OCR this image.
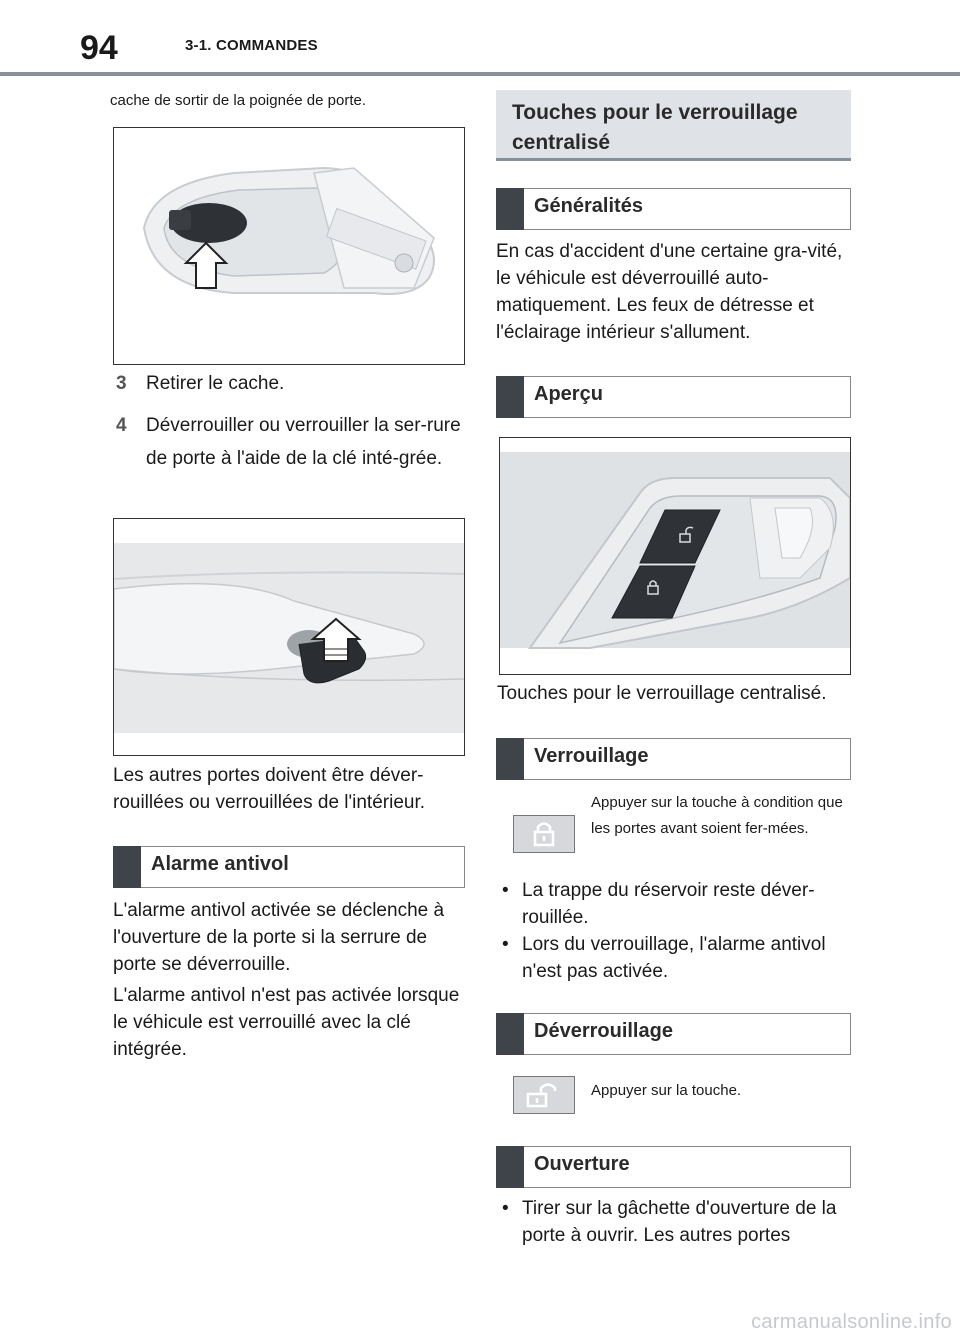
94	3-1. COMMANDES
cache de sortir de la poignée de porte.
3 Retirer le cache.
4 Déverrouiller ou verrouiller la ser-rure de porte à l'aide de la clé inté-grée.
Les autres portes doivent être déver-rouillées ou verrouillées de l'intérieur.
Alarme antivol
L'alarme antivol activée se déclenche à l'ouverture de la porte si la serrure de porte se déverrouille.
L'alarme antivol n'est pas activée lorsque le véhicule est verrouillé avec la clé intégrée.
Touches pour le verrouillage centralisé
Généralités
En cas d'accident d'une certaine gra-vité, le véhicule est déverrouillé auto-matiquement. Les feux de détresse et l'éclairage intérieur s'allument.
Aperçu
Touches pour le verrouillage centralisé.
Verrouillage
Appuyer sur la touche à condition que les portes avant soient fer-mées.
• La trappe du réservoir reste déver-rouillée.
• Lors du verrouillage, l'alarme antivol n'est pas activée.
Déverrouillage
Appuyer sur la touche.
Ouverture
• Tirer sur la gâchette d'ouverture de la porte à ouvrir. Les autres portes
carmanualsonline.info
